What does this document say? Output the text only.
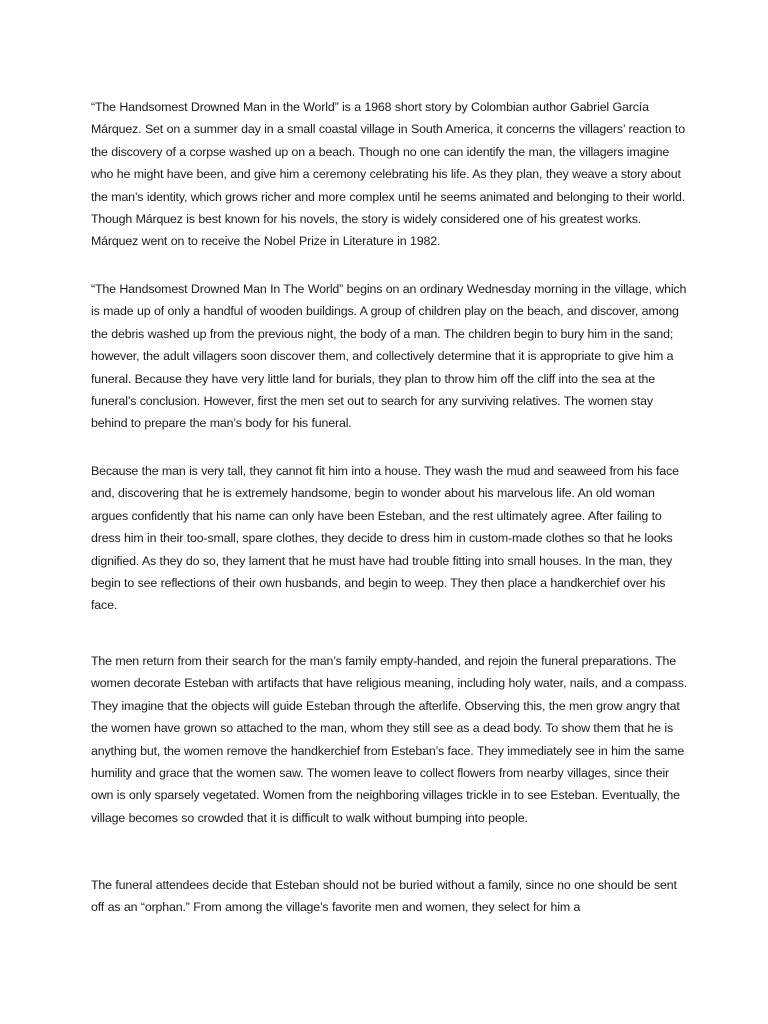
“The Handsomest Drowned Man in the World” is a 1968 short story by Colombian author Gabriel García Márquez. Set on a summer day in a small coastal village in South America, it concerns the villagers’ reaction to the discovery of a corpse washed up on a beach. Though no one can identify the man, the villagers imagine who he might have been, and give him a ceremony celebrating his life. As they plan, they weave a story about the man’s identity, which grows richer and more complex until he seems animated and belonging to their world. Though Márquez is best known for his novels, the story is widely considered one of his greatest works. Márquez went on to receive the Nobel Prize in Literature in 1982.

“The Handsomest Drowned Man In The World” begins on an ordinary Wednesday morning in the village, which is made up of only a handful of wooden buildings. A group of children play on the beach, and discover, among the debris washed up from the previous night, the body of a man. The children begin to bury him in the sand; however, the adult villagers soon discover them, and collectively determine that it is appropriate to give him a funeral. Because they have very little land for burials, they plan to throw him off the cliff into the sea at the funeral’s conclusion. However, first the men set out to search for any surviving relatives. The women stay behind to prepare the man’s body for his funeral.

Because the man is very tall, they cannot fit him into a house. They wash the mud and seaweed from his face and, discovering that he is extremely handsome, begin to wonder about his marvelous life. An old woman argues confidently that his name can only have been Esteban, and the rest ultimately agree. After failing to dress him in their too-small, spare clothes, they decide to dress him in custom-made clothes so that he looks dignified. As they do so, they lament that he must have had trouble fitting into small houses. In the man, they begin to see reflections of their own husbands, and begin to weep. They then place a handkerchief over his face.

The men return from their search for the man’s family empty-handed, and rejoin the funeral preparations. The women decorate Esteban with artifacts that have religious meaning, including holy water, nails, and a compass. They imagine that the objects will guide Esteban through the afterlife. Observing this, the men grow angry that the women have grown so attached to the man, whom they still see as a dead body. To show them that he is anything but, the women remove the handkerchief from Esteban’s face. They immediately see in him the same humility and grace that the women saw. The women leave to collect flowers from nearby villages, since their own is only sparsely vegetated. Women from the neighboring villages trickle in to see Esteban. Eventually, the village becomes so crowded that it is difficult to walk without bumping into people.

The funeral attendees decide that Esteban should not be buried without a family, since no one should be sent off as an “orphan.” From among the village’s favorite men and women, they select for him a
